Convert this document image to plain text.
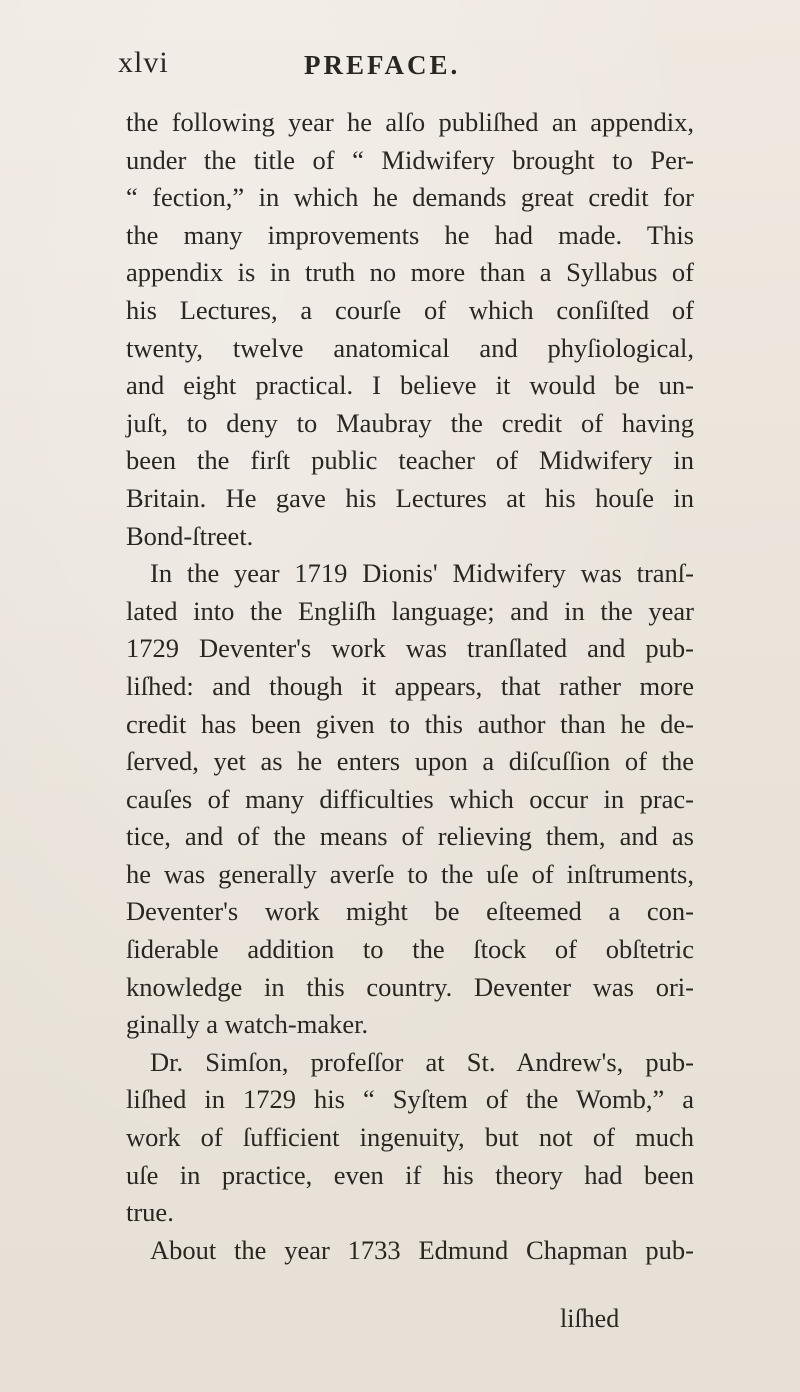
xlvi	PREFACE.
the following year he alſo publiſhed an appendix,
under the title of “ Midwifery brought to Per-
“ fection,” in which he demands great credit for
the many improvements he had made. This
appendix is in truth no more than a Syllabus of
his Lectures, a courſe of which conſiſted of
twenty, twelve anatomical and phyſiological,
and eight practical. I believe it would be un-
juſt, to deny to Maubray the credit of having
been the firſt public teacher of Midwifery in
Britain. He gave his Lectures at his houſe in
Bond-ſtreet.
In the year 1719 Dionis' Midwifery was tranſ-
lated into the Engliſh language; and in the year
1729 Deventer's work was tranſlated and pub-
liſhed: and though it appears, that rather more
credit has been given to this author than he de-
ſerved, yet as he enters upon a diſcuſſion of the
cauſes of many difficulties which occur in prac-
tice, and of the means of relieving them, and as
he was generally averſe to the uſe of inſtruments,
Deventer's work might be eſteemed a con-
ſiderable addition to the ſtock of obſtetric
knowledge in this country. Deventer was ori-
ginally a watch-maker.
Dr. Simſon, profeſſor at St. Andrew's, pub-
liſhed in 1729 his “ Syſtem of the Womb,” a
work of ſufficient ingenuity, but not of much
uſe in practice, even if his theory had been
true.
About the year 1733 Edmund Chapman pub-
liſhed
